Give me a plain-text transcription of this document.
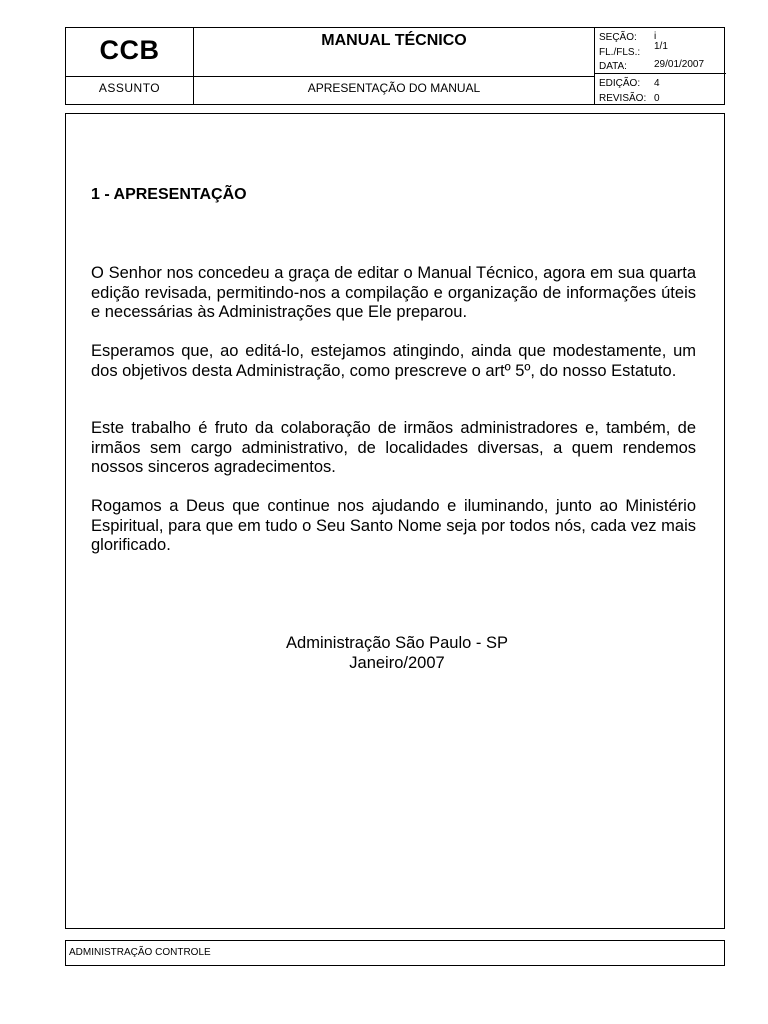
CCB
ASSUNTO
MANUAL TÉCNICO
APRESENTAÇÃO DO MANUAL
SEÇÃO: i
FL./FLS.:
1/1
DATA:	29/01/2007
EDIÇÃO: 4
REVISÃO: 0
1 - APRESENTAÇÃO

O Senhor nos concedeu a graça de editar o Manual Técnico, agora em sua quarta edição revisada, permitindo-nos a compilação e organização de informações úteis e necessárias às Administrações que Ele preparou.

Esperamos que, ao editá-lo, estejamos atingindo, ainda que modestamente, um dos objetivos desta Administração, como prescreve o artº 5º, do nosso Estatuto.

Este trabalho é fruto da colaboração de irmãos administradores e, também, de irmãos sem cargo administrativo, de localidades diversas, a quem rendemos nossos sinceros agradecimentos.

Rogamos a Deus que continue nos ajudando e iluminando, junto ao Ministério Espiritual, para que em tudo o Seu Santo Nome seja por todos nós, cada vez mais glorificado.

Administração São Paulo - SP
Janeiro/2007
ADMINISTRAÇÃO CONTROLE
